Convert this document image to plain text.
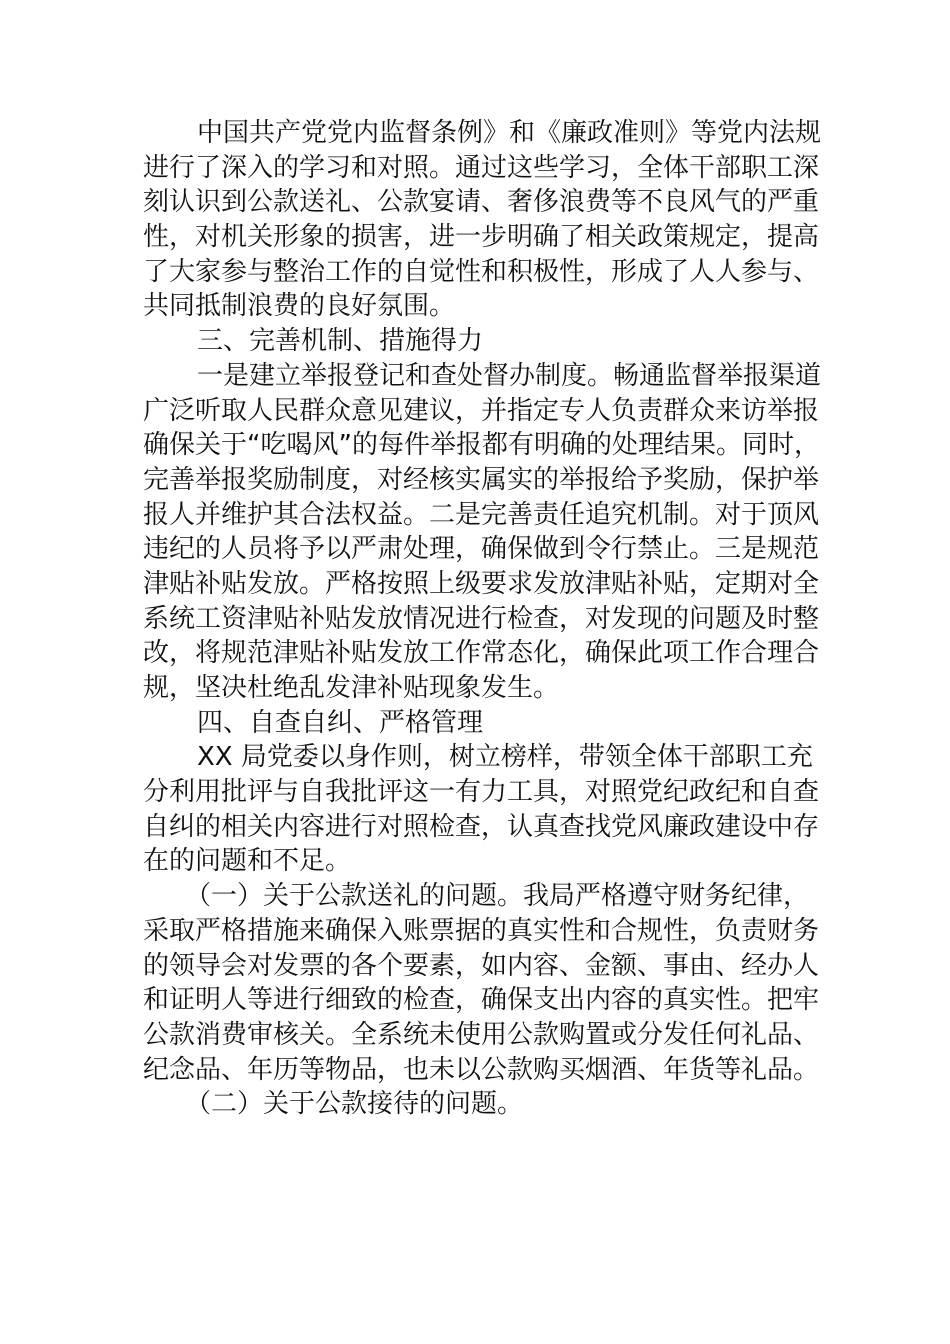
中国共产党党内监督条例》和《廉政准则》等党内法规
进行了深入的学习和对照。通过这些学习，全体干部职工深
刻认识到公款送礼、公款宴请、奢侈浪费等不良风气的严重
性，对机关形象的损害，进一步明确了相关政策规定，提高
了大家参与整治工作的自觉性和积极性，形成了人人参与、
共同抵制浪费的良好氛围。
三、完善机制、措施得力
一是建立举报登记和查处督办制度。畅通监督举报渠道
广泛听取人民群众意见建议，并指定专人负责群众来访举报
确保关于“吃喝风”的每件举报都有明确的处理结果。同时，
完善举报奖励制度，对经核实属实的举报给予奖励，保护举
报人并维护其合法权益。二是完善责任追究机制。对于顶风
违纪的人员将予以严肃处理，确保做到令行禁止。三是规范
津贴补贴发放。严格按照上级要求发放津贴补贴，定期对全
系统工资津贴补贴发放情况进行检查，对发现的问题及时整
改，将规范津贴补贴发放工作常态化，确保此项工作合理合
规，坚决杜绝乱发津补贴现象发生。
四、自查自纠、严格管理
XX 局党委以身作则，树立榜样，带领全体干部职工充
分利用批评与自我批评这一有力工具，对照党纪政纪和自查
自纠的相关内容进行对照检查，认真查找党风廉政建设中存
在的问题和不足。
（一）关于公款送礼的问题。我局严格遵守财务纪律，
采取严格措施来确保入账票据的真实性和合规性，负责财务
的领导会对发票的各个要素，如内容、金额、事由、经办人
和证明人等进行细致的检查，确保支出内容的真实性。把牢
公款消费审核关。全系统未使用公款购置或分发任何礼品、
纪念品、年历等物品，也未以公款购买烟酒、年货等礼品。
（二）关于公款接待的问题。
